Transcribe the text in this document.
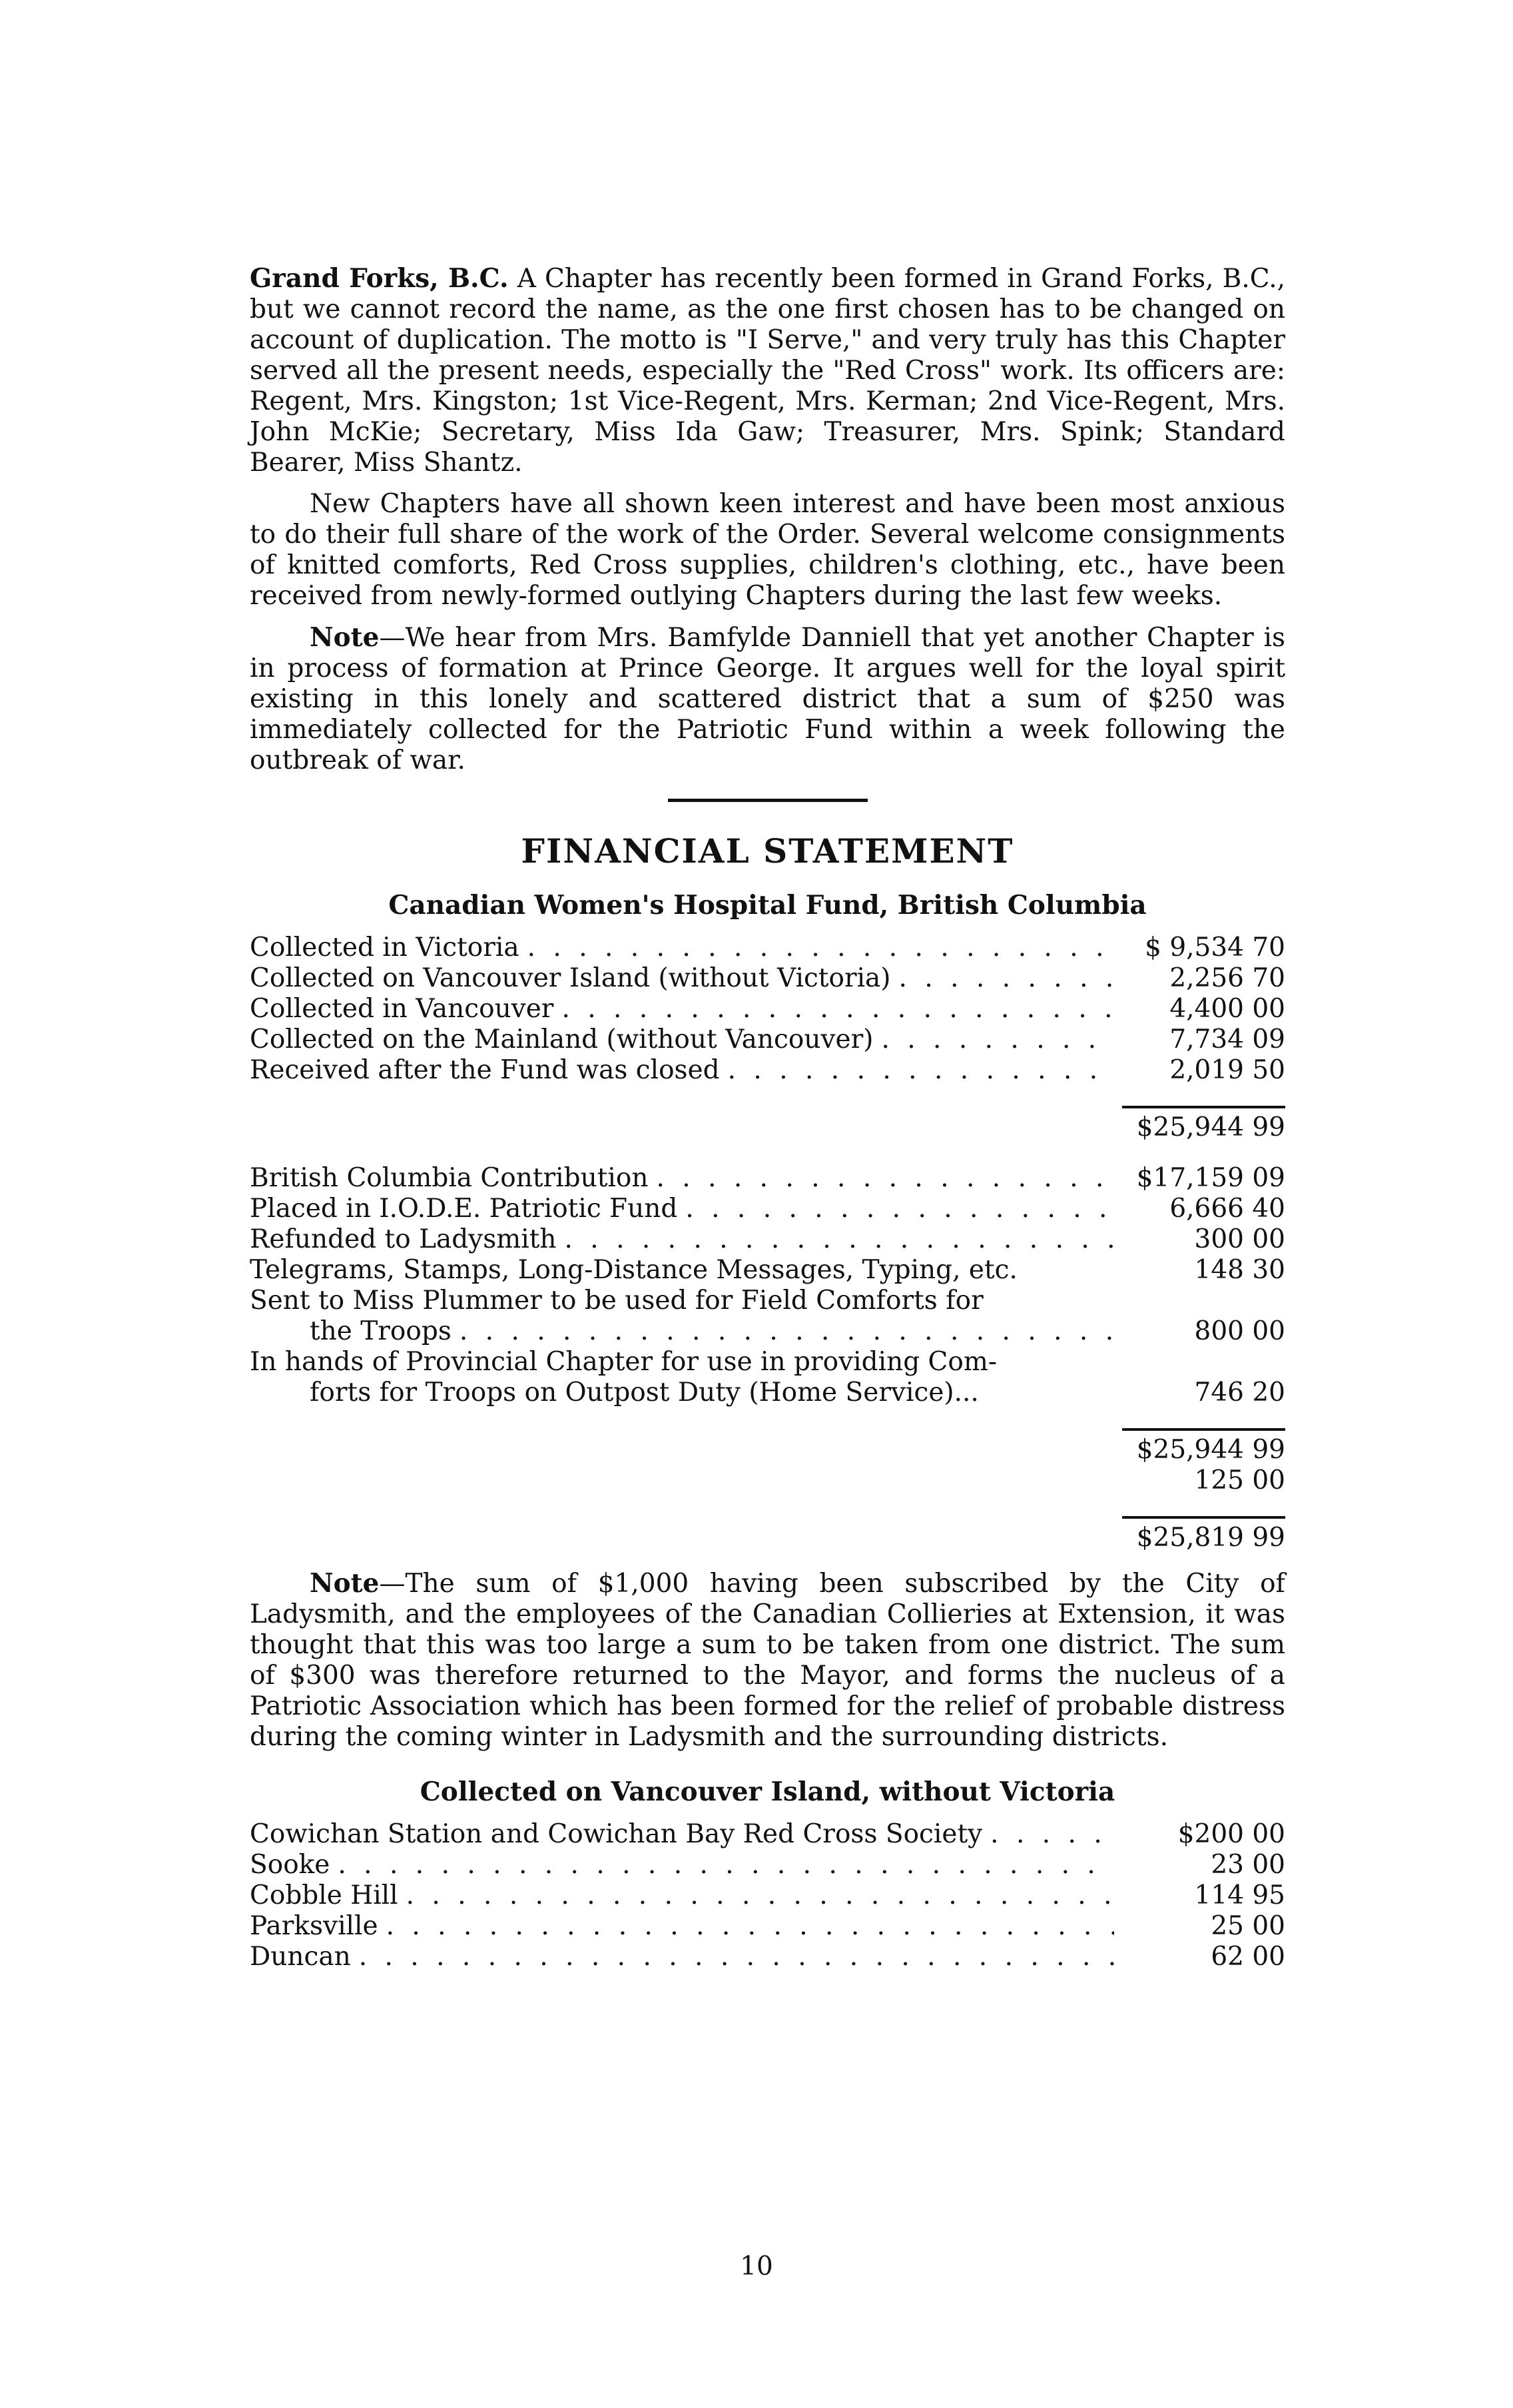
Grand Forks, B.C. A Chapter has recently been formed in Grand Forks, B.C., but we cannot record the name, as the one first chosen has to be changed on account of duplication. The motto is "I Serve," and very truly has this Chapter served all the present needs, especially the "Red Cross" work. Its officers are: Regent, Mrs. Kingston; 1st Vice-Regent, Mrs. Kerman; 2nd Vice-Regent, Mrs. John McKie; Secretary, Miss Ida Gaw; Treasurer, Mrs. Spink; Standard Bearer, Miss Shantz.

New Chapters have all shown keen interest and have been most anxious to do their full share of the work of the Order. Several welcome consignments of knitted comforts, Red Cross supplies, children's clothing, etc., have been received from newly-formed outlying Chapters during the last few weeks.

Note—We hear from Mrs. Bamfylde Danniell that yet another Chapter is in process of formation at Prince George. It argues well for the loyal spirit existing in this lonely and scattered district that a sum of $250 was immediately collected for the Patriotic Fund within a week following the outbreak of war.

FINANCIAL STATEMENT
Canadian Women's Hospital Fund, British Columbia
Collected in Victoria . . .	$ 9,534 70
Collected on Vancouver Island (without Victoria) . . .	2,256 70
Collected in Vancouver . . .	4,400 00
Collected on the Mainland (without Vancouver) . . .	7,734 09
Received after the Fund was closed . . .	2,019 50
$25,944 99
British Columbia Contribution . . .	$17,159 09
Placed in I.O.D.E. Patriotic Fund . . .	6,666 40
Refunded to Ladysmith . . .	300 00
Telegrams, Stamps, Long-Distance Messages, Typing, etc.	148 30
Sent to Miss Plummer to be used for Field Comforts for
the Troops . . .	800 00
In hands of Provincial Chapter for use in providing Com-
forts for Troops on Outpost Duty (Home Service)...	746 20
$25,944 99
125 00
$25,819 99

Note—The sum of $1,000 having been subscribed by the City of Ladysmith, and the employees of the Canadian Collieries at Extension, it was thought that this was too large a sum to be taken from one district. The sum of $300 was therefore returned to the Mayor, and forms the nucleus of a Patriotic Association which has been formed for the relief of probable distress during the coming winter in Ladysmith and the surrounding districts.

Collected on Vancouver Island, without Victoria
Cowichan Station and Cowichan Bay Red Cross Society . . .	$200 00
Sooke . . .	23 00
Cobble Hill . . .	114 95
Parksville . . .	25 00
Duncan . . .	62 00
10
